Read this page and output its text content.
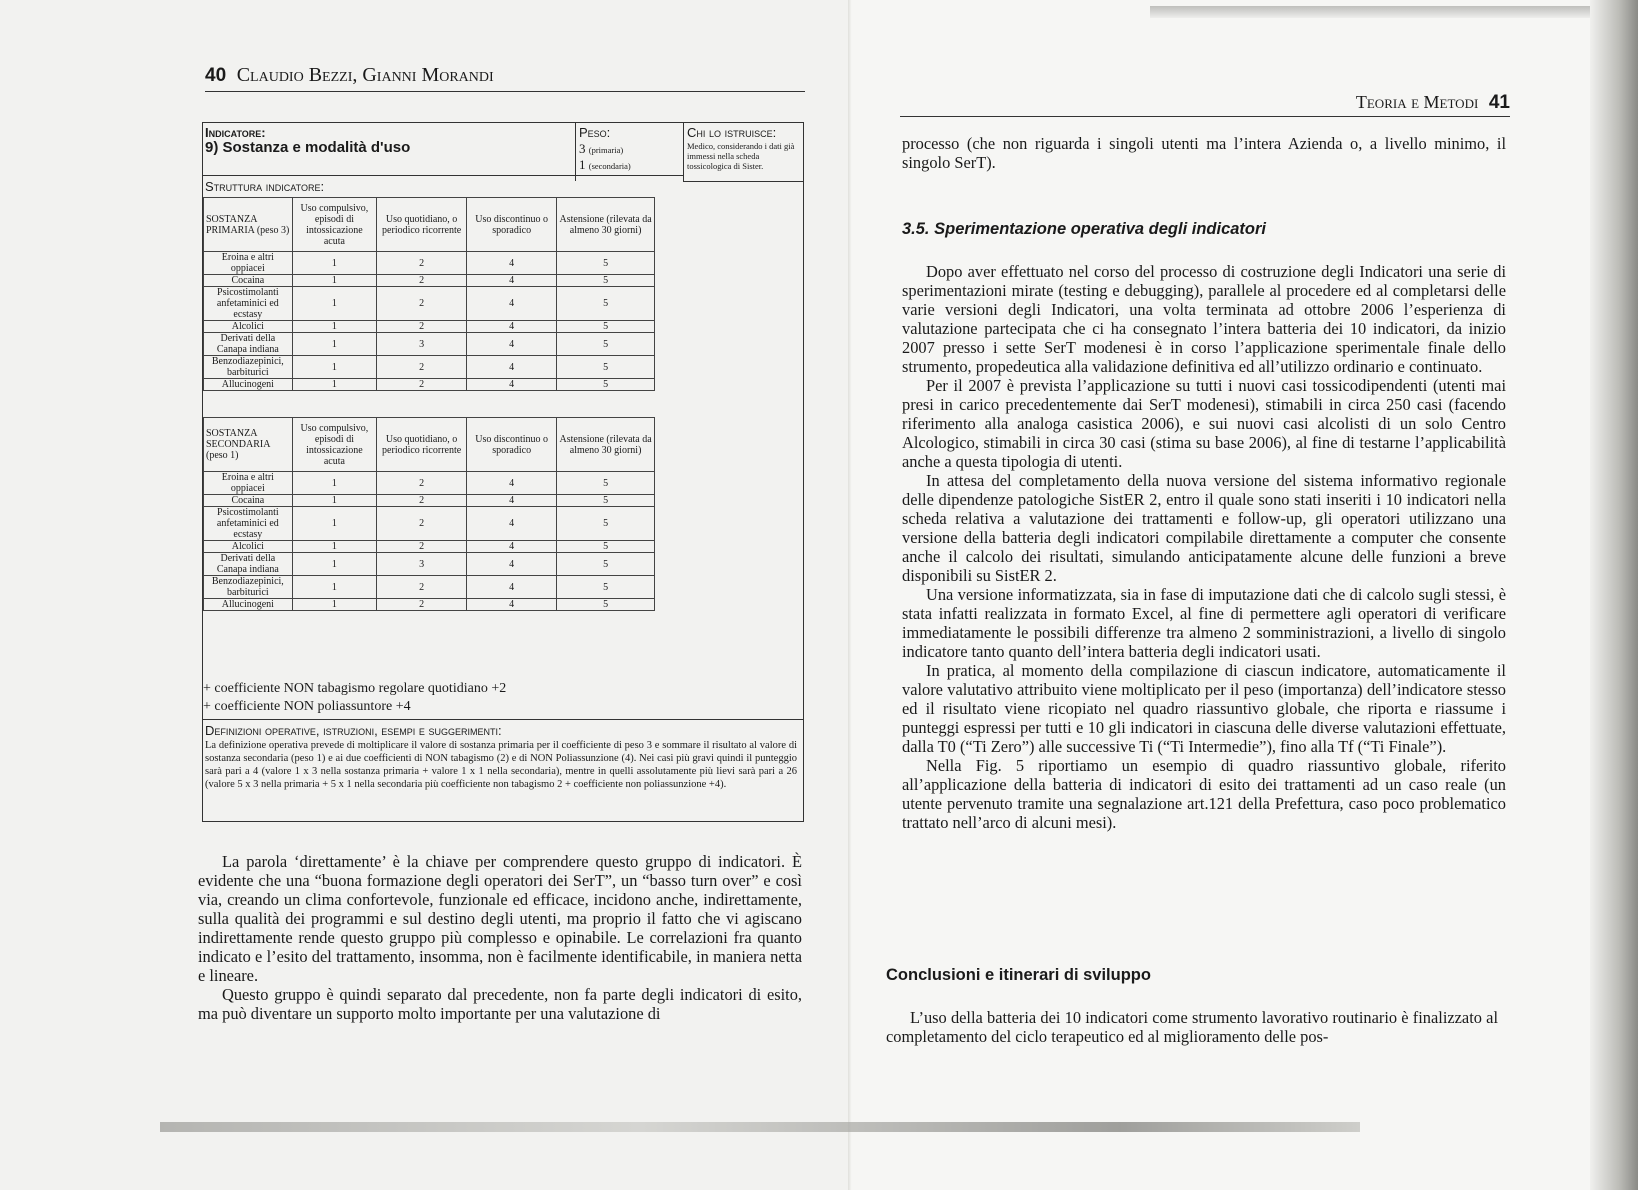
40 Claudio Bezzi, Gianni Morandi
Indicatore:
9) Sostanza e modalità d'uso
Peso:
3 (primaria)
1 (secondaria)
Chi lo istruisce:
Medico, considerando i dati già immessi nella scheda tossicologica di Sister.
Struttura indicatore:
SOSTANZA PRIMARIA (peso 3)	Uso compulsivo, episodi di intossicazione acuta	Uso quotidiano, o periodico ricorrente	Uso discontinuo o sporadico	Astensione (rilevata da almeno 30 giorni)
Eroina e altri oppiacei	1	2	4	5
Cocaina	1	2	4	5
Psicostimolanti anfetaminici ed ecstasy	1	2	4	5
Alcolici	1	2	4	5
Derivati della Canapa indiana	1	3	4	5
Benzodiazepinici, barbiturici	1	2	4	5
Allucinogeni	1	2	4	5
SOSTANZA SECONDARIA (peso 1)	Uso compulsivo, episodi di intossicazione acuta	Uso quotidiano, o periodico ricorrente	Uso discontinuo o sporadico	Astensione (rilevata da almeno 30 giorni)
Eroina e altri oppiacei	1	2	4	5
Cocaina	1	2	4	5
Psicostimolanti anfetaminici ed ecstasy	1	2	4	5
Alcolici	1	2	4	5
Derivati della Canapa indiana	1	3	4	5
Benzodiazepinici, barbiturici	1	2	4	5
Allucinogeni	1	2	4	5
+ coefficiente NON tabagismo regolare quotidiano +2
+ coefficiente NON poliassuntore +4
Definizioni operative, istruzioni, esempi e suggerimenti:
La definizione operativa prevede di moltiplicare il valore di sostanza primaria per il coefficiente di peso 3 e sommare il risultato al valore di sostanza secondaria (peso 1) e ai due coefficienti di NON tabagismo (2) e di NON Poliassunzione (4). Nei casi più gravi quindi il punteggio sarà pari a 4 (valore 1 x 3 nella sostanza primaria + valore 1 x 1 nella secondaria), mentre in quelli assolutamente più lievi sarà pari a 26 (valore 5 x 3 nella primaria + 5 x 1 nella secondaria più coefficiente non tabagismo 2 + coefficiente non poliassunzione +4).

La parola ‘direttamente’ è la chiave per comprendere questo gruppo di indicatori. È evidente che una “buona formazione degli operatori dei SerT”, un “basso turn over” e così via, creando un clima confortevole, funzionale ed efficace, incidono anche, indirettamente, sulla qualità dei programmi e sul destino degli utenti, ma proprio il fatto che vi agiscano indirettamente rende questo gruppo più complesso e opinabile. Le correlazioni fra quanto indicato e l’esito del trattamento, insomma, non è facilmente identificabile, in maniera netta e lineare.

Questo gruppo è quindi separato dal precedente, non fa parte degli indicatori di esito, ma può diventare un supporto molto importante per una valutazione di

Teoria e Metodi 41

processo (che non riguarda i singoli utenti ma l’intera Azienda o, a livello minimo, il singolo SerT).

3.5. Sperimentazione operativa degli indicatori

Dopo aver effettuato nel corso del processo di costruzione degli Indicatori una serie di sperimentazioni mirate (testing e debugging), parallele al procedere ed al completarsi delle varie versioni degli Indicatori, una volta terminata ad ottobre 2006 l’esperienza di valutazione partecipata che ci ha consegnato l’intera batteria dei 10 indicatori, da inizio 2007 presso i sette SerT modenesi è in corso l’applicazione sperimentale finale dello strumento, propedeutica alla validazione definitiva ed all’utilizzo ordinario e continuato.

Per il 2007 è prevista l’applicazione su tutti i nuovi casi tossicodipendenti (utenti mai presi in carico precedentemente dai SerT modenesi), stimabili in circa 250 casi (facendo riferimento alla analoga casistica 2006), e sui nuovi casi alcolisti di un solo Centro Alcologico, stimabili in circa 30 casi (stima su base 2006), al fine di testarne l’applicabilità anche a questa tipologia di utenti.

In attesa del completamento della nuova versione del sistema informativo regionale delle dipendenze patologiche SistER 2, entro il quale sono stati inseriti i 10 indicatori nella scheda relativa a valutazione dei trattamenti e follow-up, gli operatori utilizzano una versione della batteria degli indicatori compilabile direttamente a computer che consente anche il calcolo dei risultati, simulando anticipatamente alcune delle funzioni a breve disponibili su SistER 2.

Una versione informatizzata, sia in fase di imputazione dati che di calcolo sugli stessi, è stata infatti realizzata in formato Excel, al fine di permettere agli operatori di verificare immediatamente le possibili differenze tra almeno 2 somministrazioni, a livello di singolo indicatore tanto quanto dell’intera batteria degli indicatori usati.

In pratica, al momento della compilazione di ciascun indicatore, automaticamente il valore valutativo attribuito viene moltiplicato per il peso (importanza) dell’indicatore stesso ed il risultato viene ricopiato nel quadro riassuntivo globale, che riporta e riassume i punteggi espressi per tutti e 10 gli indicatori in ciascuna delle diverse valutazioni effettuate, dalla T0 (“Ti Zero”) alle successive Ti (“Ti Intermedie”), fino alla Tf (“Ti Finale”).

Nella Fig. 5 riportiamo un esempio di quadro riassuntivo globale, riferito all’applicazione della batteria di indicatori di esito dei trattamenti ad un caso reale (un utente pervenuto tramite una segnalazione art.121 della Prefettura, caso poco problematico trattato nell’arco di alcuni mesi).

Conclusioni e itinerari di sviluppo

L’uso della batteria dei 10 indicatori come strumento lavorativo routinario è finalizzato al completamento del ciclo terapeutico ed al miglioramento delle pos-
